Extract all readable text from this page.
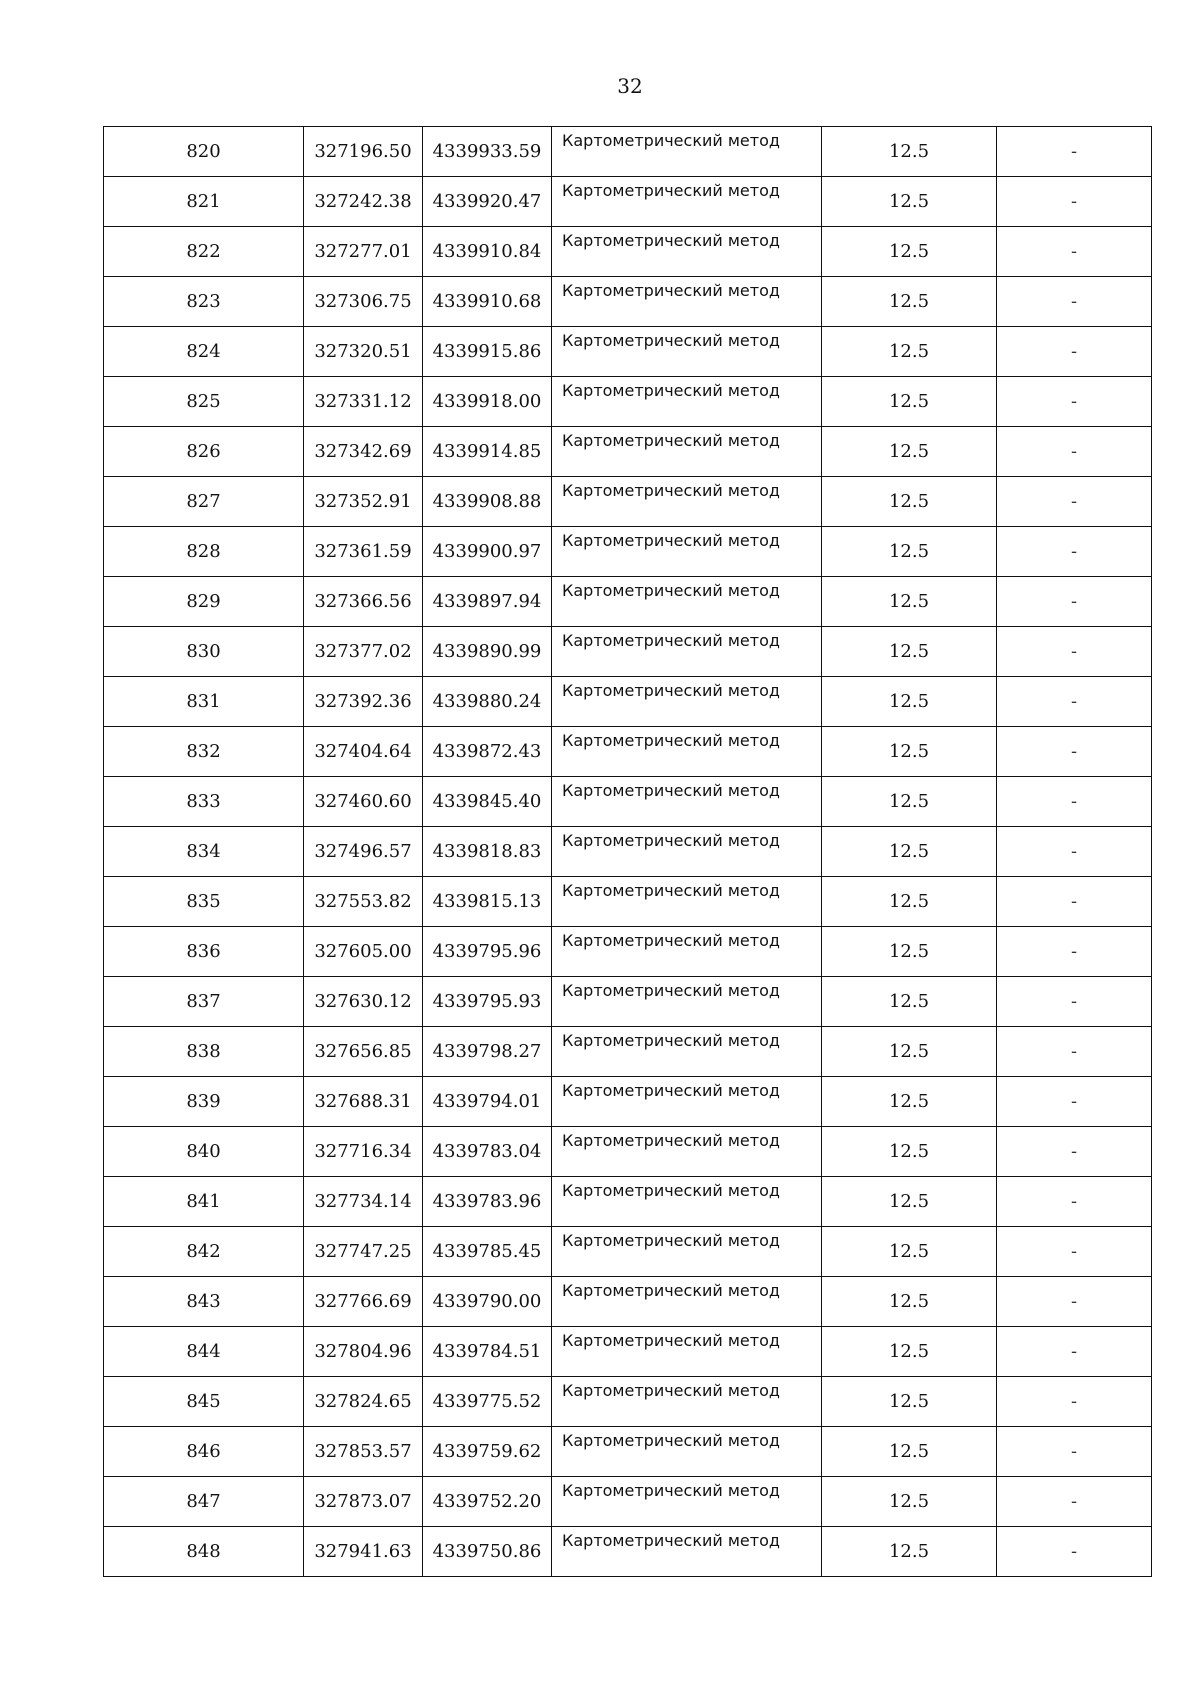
32
820	327196.50	4339933.59	Картометрический метод	12.5	-
821	327242.38	4339920.47	Картометрический метод	12.5	-
822	327277.01	4339910.84	Картометрический метод	12.5	-
823	327306.75	4339910.68	Картометрический метод	12.5	-
824	327320.51	4339915.86	Картометрический метод	12.5	-
825	327331.12	4339918.00	Картометрический метод	12.5	-
826	327342.69	4339914.85	Картометрический метод	12.5	-
827	327352.91	4339908.88	Картометрический метод	12.5	-
828	327361.59	4339900.97	Картометрический метод	12.5	-
829	327366.56	4339897.94	Картометрический метод	12.5	-
830	327377.02	4339890.99	Картометрический метод	12.5	-
831	327392.36	4339880.24	Картометрический метод	12.5	-
832	327404.64	4339872.43	Картометрический метод	12.5	-
833	327460.60	4339845.40	Картометрический метод	12.5	-
834	327496.57	4339818.83	Картометрический метод	12.5	-
835	327553.82	4339815.13	Картометрический метод	12.5	-
836	327605.00	4339795.96	Картометрический метод	12.5	-
837	327630.12	4339795.93	Картометрический метод	12.5	-
838	327656.85	4339798.27	Картометрический метод	12.5	-
839	327688.31	4339794.01	Картометрический метод	12.5	-
840	327716.34	4339783.04	Картометрический метод	12.5	-
841	327734.14	4339783.96	Картометрический метод	12.5	-
842	327747.25	4339785.45	Картометрический метод	12.5	-
843	327766.69	4339790.00	Картометрический метод	12.5	-
844	327804.96	4339784.51	Картометрический метод	12.5	-
845	327824.65	4339775.52	Картометрический метод	12.5	-
846	327853.57	4339759.62	Картометрический метод	12.5	-
847	327873.07	4339752.20	Картометрический метод	12.5	-
848	327941.63	4339750.86	Картометрический метод	12.5	-
